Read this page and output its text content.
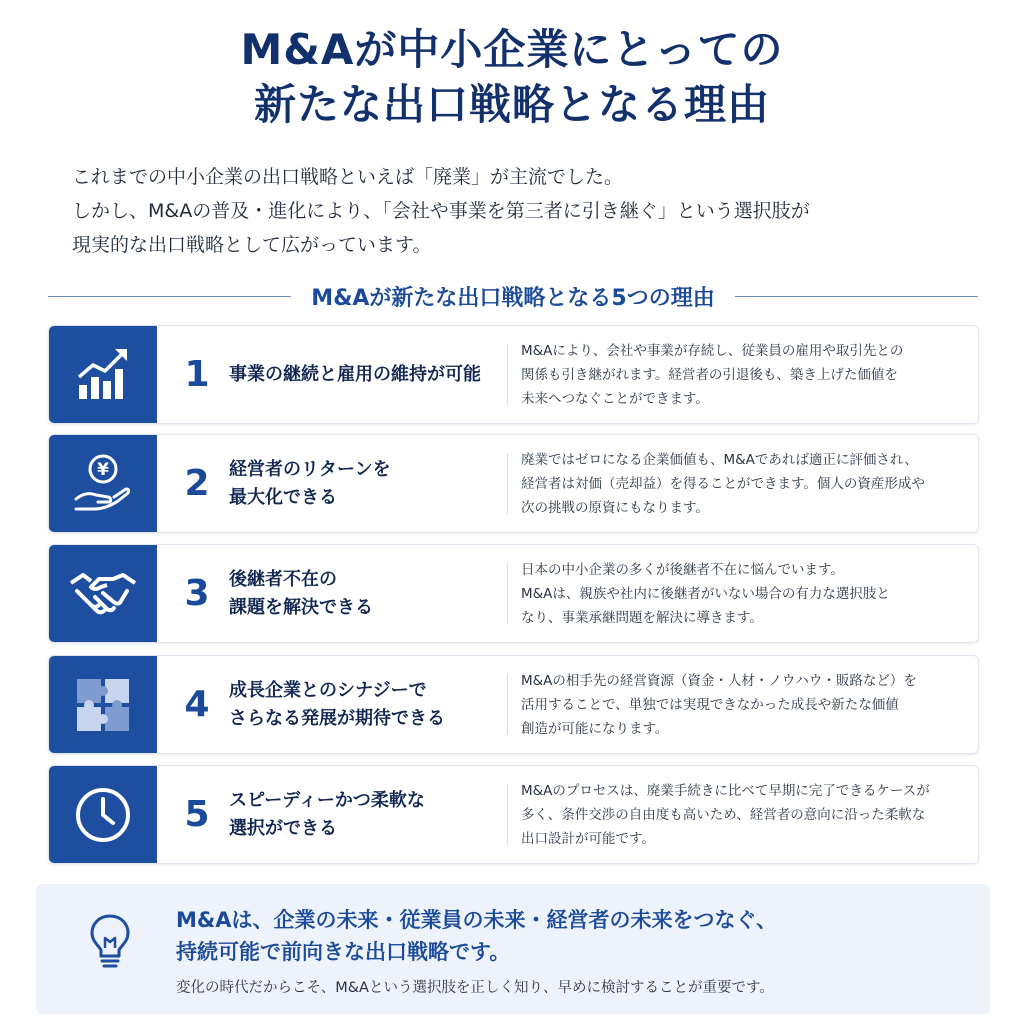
M&Aが中小企業にとっての
新たな出口戦略となる理由
これまでの中小企業の出口戦略といえば「廃業」が主流でした。
しかし、M&Aの普及・進化により、「会社や事業を第三者に引き継ぐ」という選択肢が
現実的な出口戦略として広がっています。
M&Aが新たな出口戦略となる5つの理由
1	事業の継続と雇用の維持が可能
M&Aにより、会社や事業が存続し、従業員の雇用や取引先との
関係も引き継がれます。経営者の引退後も、築き上げた価値を
未来へつなぐことができます。
¥ 2	経営者のリターンを
最大化できる
廃業ではゼロになる企業価値も、M&Aであれば適正に評価され、
経営者は対価（売却益）を得ることができます。個人の資産形成や
次の挑戦の原資にもなります。
3	後継者不在の
課題を解決できる
日本の中小企業の多くが後継者不在に悩んでいます。
M&Aは、親族や社内に後継者がいない場合の有力な選択肢と
なり、事業承継問題を解決に導きます。
4	成長企業とのシナジーで
さらなる発展が期待できる
M&Aの相手先の経営資源（資金・人材・ノウハウ・販路など）を
活用することで、単独では実現できなかった成長や新たな価値
創造が可能になります。
5	スピーディーかつ柔軟な
選択ができる
M&Aのプロセスは、廃業手続きに比べて早期に完了できるケースが
多く、条件交渉の自由度も高いため、経営者の意向に沿った柔軟な
出口設計が可能です。
M&Aは、企業の未来・従業員の未来・経営者の未来をつなぐ、
持続可能で前向きな出口戦略です。
変化の時代だからこそ、M&Aという選択肢を正しく知り、早めに検討することが重要です。
